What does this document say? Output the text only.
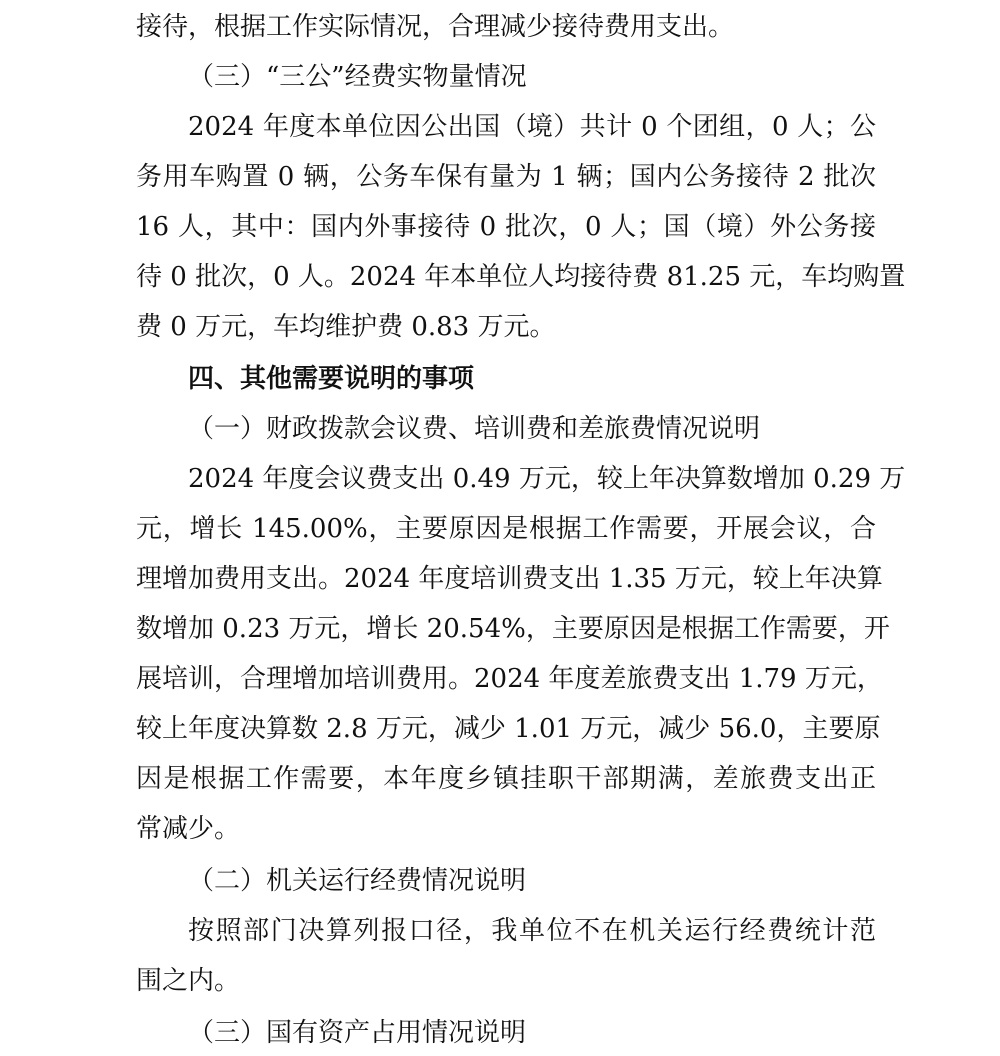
接待，根据工作实际情况，合理减少接待费用支出。
（三）“三公”经费实物量情况
2024 年度本单位因公出国（境）共计 0 个团组，0 人；公
务用车购置 0 辆，公务车保有量为 1 辆；国内公务接待 2 批次
16 人，其中：国内外事接待 0 批次，0 人；国（境）外公务接
待 0 批次，0 人。2024 年本单位人均接待费 81.25 元，车均购置
费 0 万元，车均维护费 0.83 万元。
四、其他需要说明的事项
（一）财政拨款会议费、培训费和差旅费情况说明
2024 年度会议费支出 0.49 万元，较上年决算数增加 0.29 万
元，增长 145.00%，主要原因是根据工作需要，开展会议，合
理增加费用支出。2024 年度培训费支出 1.35 万元，较上年决算
数增加 0.23 万元，增长 20.54%，主要原因是根据工作需要，开
展培训，合理增加培训费用。2024 年度差旅费支出 1.79 万元，
较上年度决算数 2.8 万元，减少 1.01 万元，减少 56.0，主要原
因是根据工作需要，本年度乡镇挂职干部期满，差旅费支出正
常减少。
（二）机关运行经费情况说明
按照部门决算列报口径，我单位不在机关运行经费统计范
围之内。
（三）国有资产占用情况说明
